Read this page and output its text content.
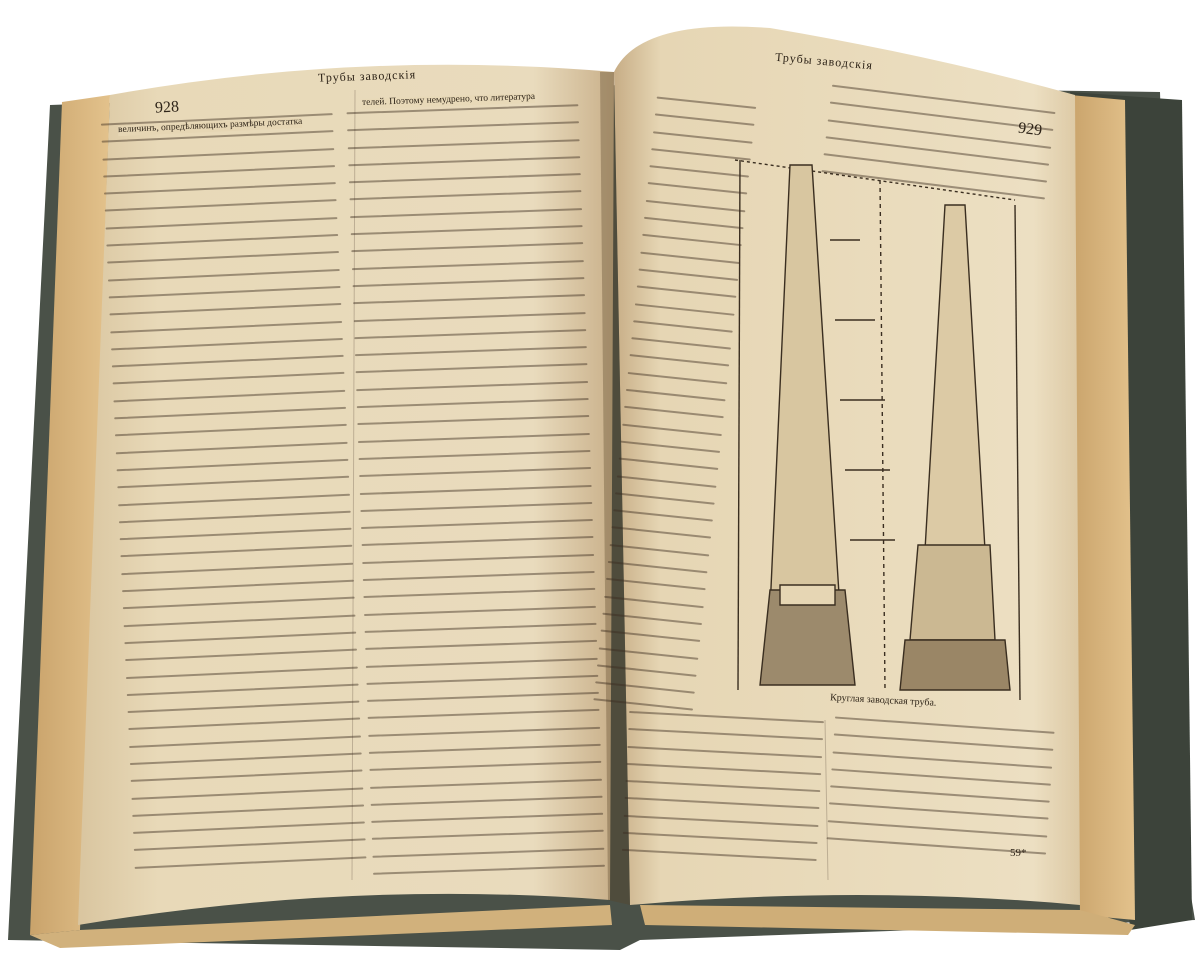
928
Трубы заводскія
величинъ, опредѣляющихъ размѣры достатка
телей. Поэтому немудрено, что литература
Трубы заводскія
929
Круглая заводская труба.
59*
